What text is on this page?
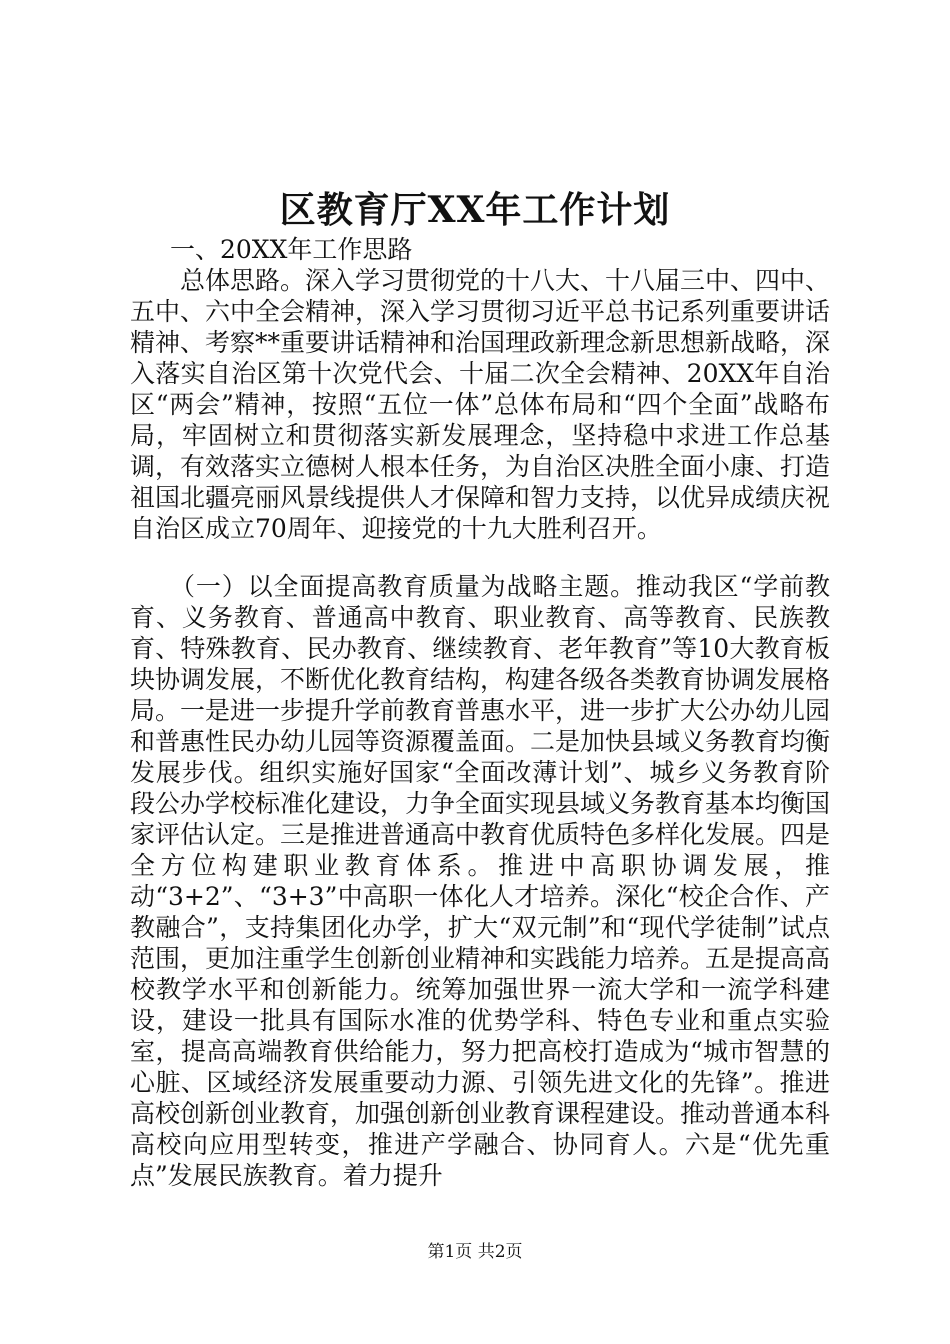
区教育厅XX年工作计划
一、20XX年工作思路
总体思路。深入学习贯彻党的十八大、十八届三中、四中、五中、六中全会精神，深入学习贯彻习近平总书记系列重要讲话精神、考察**重要讲话精神和治国理政新理念新思想新战略，深入落实自治区第十次党代会、十届二次全会精神、20XX年自治区“两会”精神，按照“五位一体”总体布局和“四个全面”战略布局，牢固树立和贯彻落实新发展理念，坚持稳中求进工作总基调，有效落实立德树人根本任务，为自治区决胜全面小康、打造祖国北疆亮丽风景线提供人才保障和智力支持，以优异成绩庆祝自治区成立70周年、迎接党的十九大胜利召开。
（一）以全面提高教育质量为战略主题。推动我区“学前教育、义务教育、普通高中教育、职业教育、高等教育、民族教育、特殊教育、民办教育、继续教育、老年教育”等10大教育板块协调发展，不断优化教育结构，构建各级各类教育协调发展格局。一是进一步提升学前教育普惠水平，进一步扩大公办幼儿园和普惠性民办幼儿园等资源覆盖面。二是加快县域义务教育均衡发展步伐。组织实施好国家“全面改薄计划”、城乡义务教育阶段公办学校标准化建设，力争全面实现县域义务教育基本均衡国家评估认定。三是推进普通高中教育优质特色多样化发展。四是全方位构建职业教育体系。推进中高职协调发展，推动“3+2”、“3+3”中高职一体化人才培养。深化“校企合作、产教融合”，支持集团化办学，扩大“双元制”和“现代学徒制”试点范围，更加注重学生创新创业精神和实践能力培养。五是提高高校教学水平和创新能力。统筹加强世界一流大学和一流学科建设，建设一批具有国际水准的优势学科、特色专业和重点实验室，提高高端教育供给能力，努力把高校打造成为“城市智慧的心脏、区域经济发展重要动力源、引领先进文化的先锋”。推进高校创新创业教育，加强创新创业教育课程建设。推动普通本科高校向应用型转变，推进产学融合、协同育人。六是“优先重点”发展民族教育。着力提升
第1页 共2页
